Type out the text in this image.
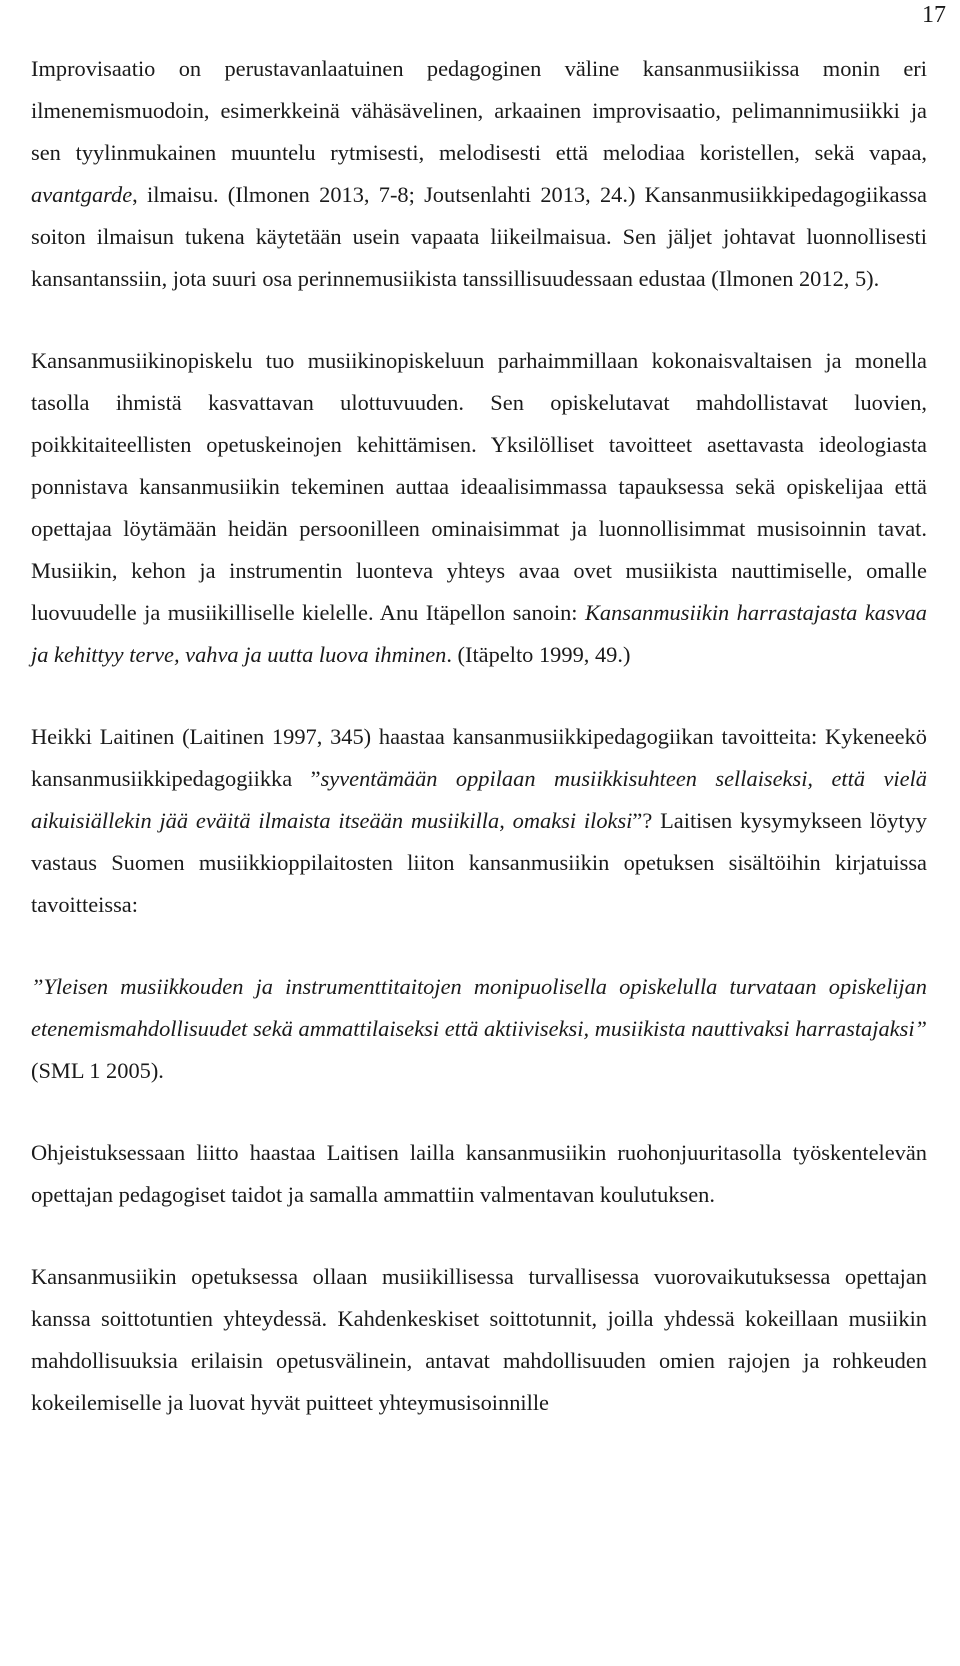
17

Improvisaatio on perustavanlaatuinen pedagoginen väline kansanmusiikissa monin eri ilmenemismuodoin, esimerkkeinä vähäsävelinen, arkaainen improvisaatio, pelimannimusiikki ja sen tyylinmukainen muuntelu rytmisesti, melodisesti että melodiaa koristellen, sekä vapaa, avantgarde, ilmaisu. (Ilmonen 2013, 7-8; Joutsenlahti 2013, 24.) Kansanmusiikkipedagogiikassa soiton ilmaisun tukena käytetään usein vapaata liikeilmaisua. Sen jäljet johtavat luonnollisesti kansantanssiin, jota suuri osa perinnemusiikista tanssillisuudessaan edustaa (Ilmonen 2012, 5).

Kansanmusiikinopiskelu tuo musiikinopiskeluun parhaimmillaan kokonaisvaltaisen ja monella tasolla ihmistä kasvattavan ulottuvuuden. Sen opiskelutavat mahdollistavat luovien, poikkitaiteellisten opetuskeinojen kehittämisen. Yksilölliset tavoitteet asettavasta ideologiasta ponnistava kansanmusiikin tekeminen auttaa ideaalisimmassa tapauksessa sekä opiskelijaa että opettajaa löytämään heidän persoonilleen ominaisimmat ja luonnollisimmat musisoinnin tavat. Musiikin, kehon ja instrumentin luonteva yhteys avaa ovet musiikista nauttimiselle, omalle luovuudelle ja musiikilliselle kielelle. Anu Itäpellon sanoin: Kansanmusiikin harrastajasta kasvaa ja kehittyy terve, vahva ja uutta luova ihminen. (Itäpelto 1999, 49.)

Heikki Laitinen (Laitinen 1997, 345) haastaa kansanmusiikkipedagogiikan tavoitteita: Kykeneekö kansanmusiikkipedagogiikka ”syventämään oppilaan musiikkisuhteen sellaiseksi, että vielä aikuisiällekin jää eväitä ilmaista itseään musiikilla, omaksi iloksi”? Laitisen kysymykseen löytyy vastaus Suomen musiikkioppilaitosten liiton kansanmusiikin opetuksen sisältöihin kirjatuissa tavoitteissa:

”Yleisen musiikkouden ja instrumenttitaitojen monipuolisella opiskelulla turvataan opiskelijan etenemismahdollisuudet sekä ammattilaiseksi että aktiiviseksi, musiikista nauttivaksi harrastajaksi” (SML 1 2005).

Ohjeistuksessaan liitto haastaa Laitisen lailla kansanmusiikin ruohonjuuritasolla työskentelevän opettajan pedagogiset taidot ja samalla ammattiin valmentavan koulutuksen.

Kansanmusiikin opetuksessa ollaan musiikillisessa turvallisessa vuorovaikutuksessa opettajan kanssa soittotuntien yhteydessä. Kahdenkeskiset soittotunnit, joilla yhdessä kokeillaan musiikin mahdollisuuksia erilaisin opetusvälinein, antavat mahdollisuuden omien rajojen ja rohkeuden kokeilemiselle ja luovat hyvät puitteet yhteymusisoinnille
